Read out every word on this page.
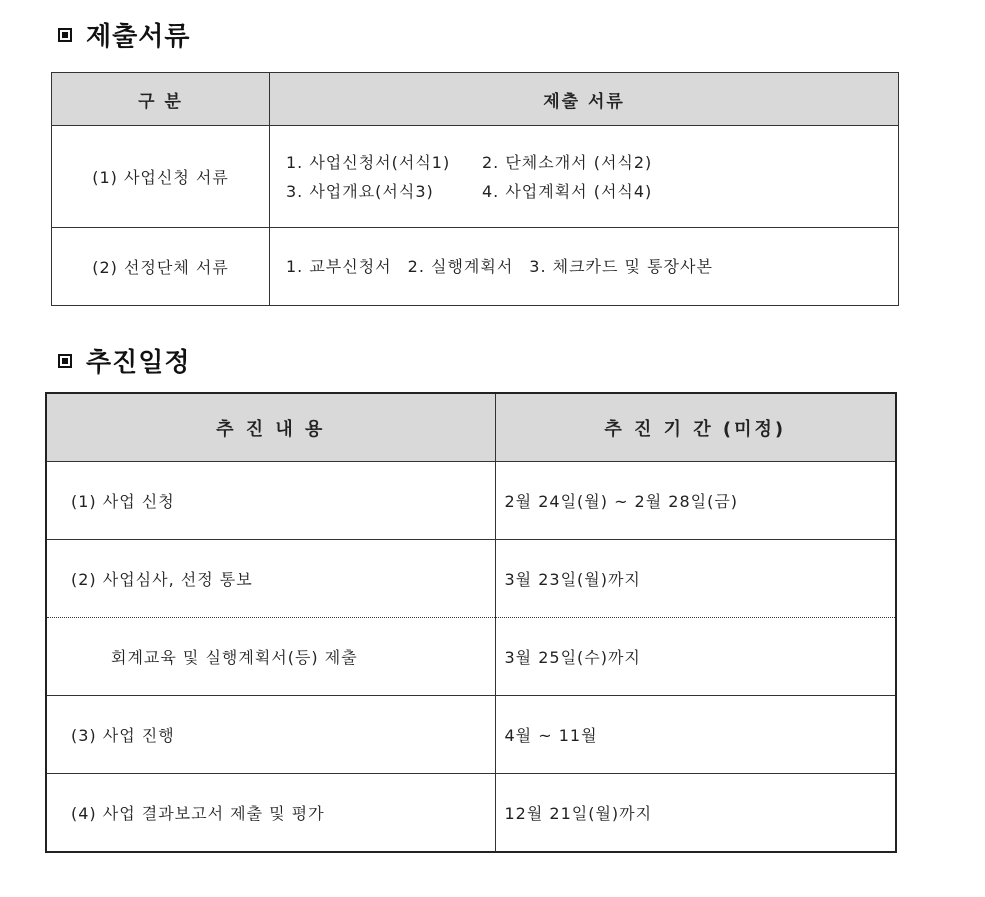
제출서류
구 분	제출 서류
(1) 사업신청 서류	1. 사업신청서(서식1) 2. 단체소개서 (서식2)
3. 사업개요(서식3) 4. 사업계획서 (서식4)

(2) 선정단체 서류	1. 교부신청서 2. 실행계획서 3. 체크카드 및 통장사본
추진일정
추 진 내 용	추 진 기 간 (미정)
(1) 사업 신청	2월 24일(월) ~ 2월 28일(금)
(2) 사업심사, 선정 통보	3월 23일(월)까지
회계교육 및 실행계획서(등) 제출	3월 25일(수)까지
(3) 사업 진행	4월 ~ 11월
(4) 사업 결과보고서 제출 및 평가	12월 21일(월)까지
